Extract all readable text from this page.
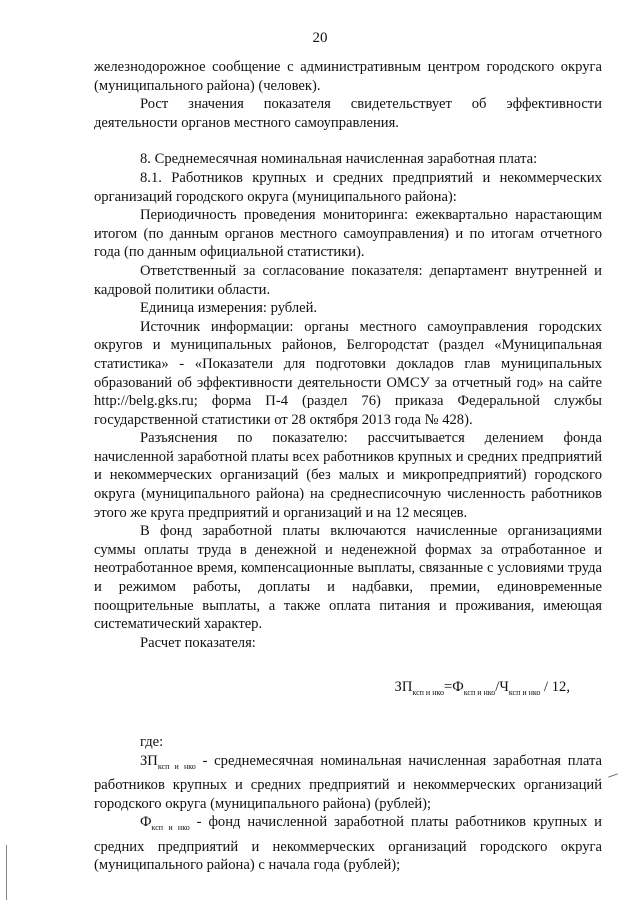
20

железнодорожное сообщение с административным центром городского округа (муниципального района) (человек).

Рост значения показателя свидетельствует об эффективности деятельности органов местного самоуправления.

8. Среднемесячная номинальная начисленная заработная плата:

8.1. Работников крупных и средних предприятий и некоммерческих организаций городского округа (муниципального района):

Периодичность проведения мониторинга: ежеквартально нарастающим итогом (по данным органов местного самоуправления) и по итогам отчетного года (по данным официальной статистики).

Ответственный за согласование показателя: департамент внутренней и кадровой политики области.

Единица измерения: рублей.

Источник информации: органы местного самоуправления городских округов и муниципальных районов, Белгородстат (раздел «Муниципальная статистика» - «Показатели для подготовки докладов глав муниципальных образований об эффективности деятельности ОМСУ за отчетный год» на сайте http://belg.gks.ru; форма П-4 (раздел 76) приказа Федеральной службы государственной статистики от 28 октября 2013 года № 428).

Разъяснения по показателю: рассчитывается делением фонда начисленной заработной платы всех работников крупных и средних предприятий и некоммерческих организаций (без малых и микропредприятий) городского округа (муниципального района) на среднесписочную численность работников этого же круга предприятий и организаций и на 12 месяцев.

В фонд заработной платы включаются начисленные организациями суммы оплаты труда в денежной и неденежной формах за отработанное и неотработанное время, компенсационные выплаты, связанные с условиями труда и режимом работы, доплаты и надбавки, премии, единовременные поощрительные выплаты, а также оплата питания и проживания, имеющая систематический характер.

Расчет показателя:

$ЗП_{ксп и нко}=Ф_{ксп и нко}/Ч_{ксп и нко} / 12$,

где:

$ЗП_{ксп и нко}$ - среднемесячная номинальная начисленная заработная плата работников крупных и средних предприятий и некоммерческих организаций городского округа (муниципального района) (рублей);

$Ф_{ксп и нко}$ - фонд начисленной заработной платы работников крупных и средних предприятий и некоммерческих организаций городского округа (муниципального района) с начала года (рублей);
